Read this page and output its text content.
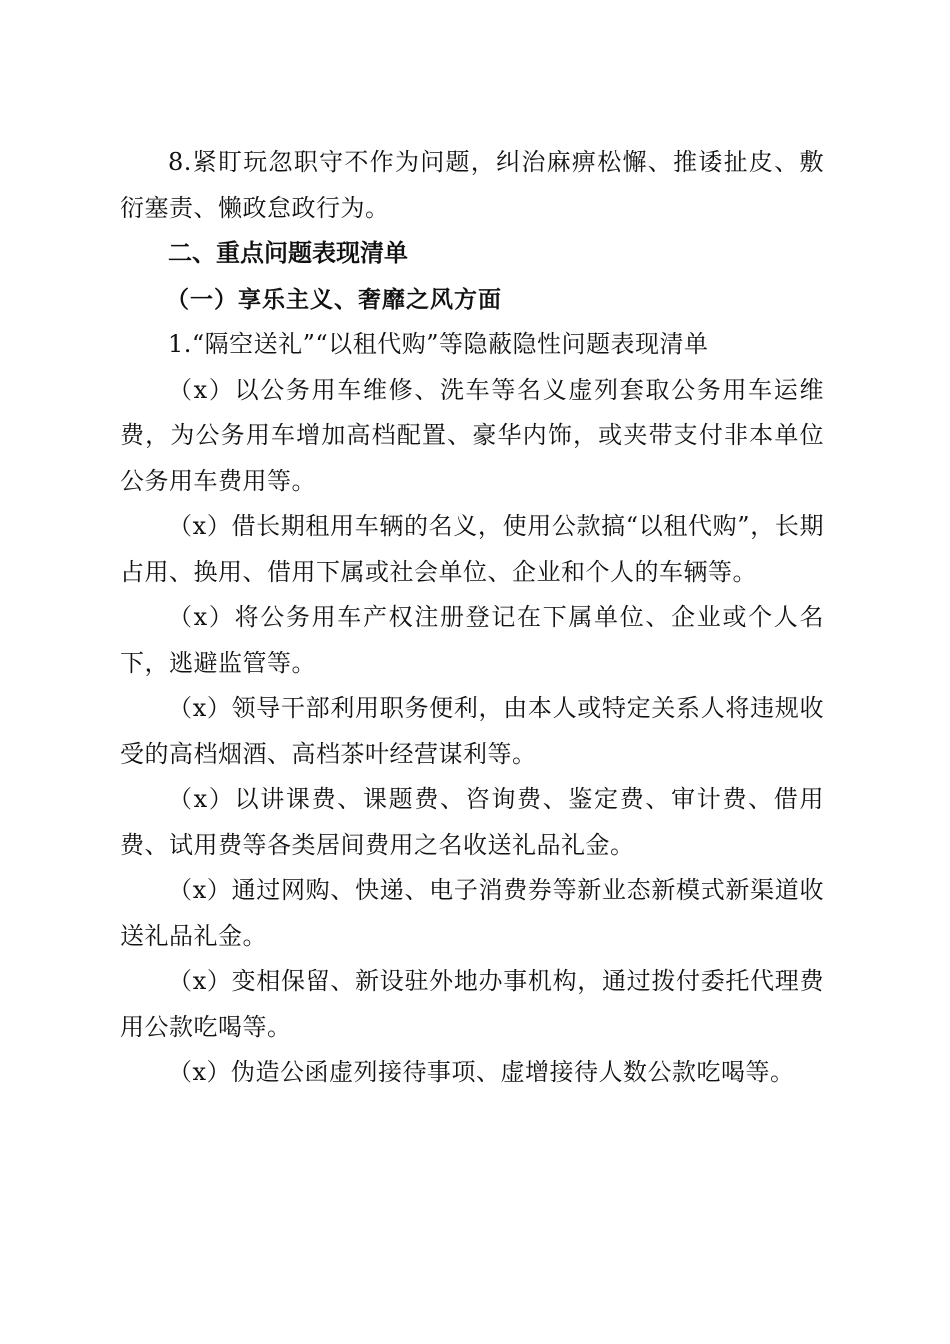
8.紧盯玩忽职守不作为问题，纠治麻痹松懈、推诿扯皮、敷衍塞责、懒政怠政行为。

二、重点问题表现清单

（一）享乐主义、奢靡之风方面

1.“隔空送礼”“以租代购”等隐蔽隐性问题表现清单

（x）以公务用车维修、洗车等名义虚列套取公务用车运维费，为公务用车增加高档配置、豪华内饰，或夹带支付非本单位公务用车费用等。

（x）借长期租用车辆的名义，使用公款搞“以租代购”，长期占用、换用、借用下属或社会单位、企业和个人的车辆等。

（x）将公务用车产权注册登记在下属单位、企业或个人名下，逃避监管等。

（x）领导干部利用职务便利，由本人或特定关系人将违规收受的高档烟酒、高档茶叶经营谋利等。

（x）以讲课费、课题费、咨询费、鉴定费、审计费、借用费、试用费等各类居间费用之名收送礼品礼金。

（x）通过网购、快递、电子消费券等新业态新模式新渠道收送礼品礼金。

（x）变相保留、新设驻外地办事机构，通过拨付委托代理费用公款吃喝等。

（x）伪造公函虚列接待事项、虚增接待人数公款吃喝等。
